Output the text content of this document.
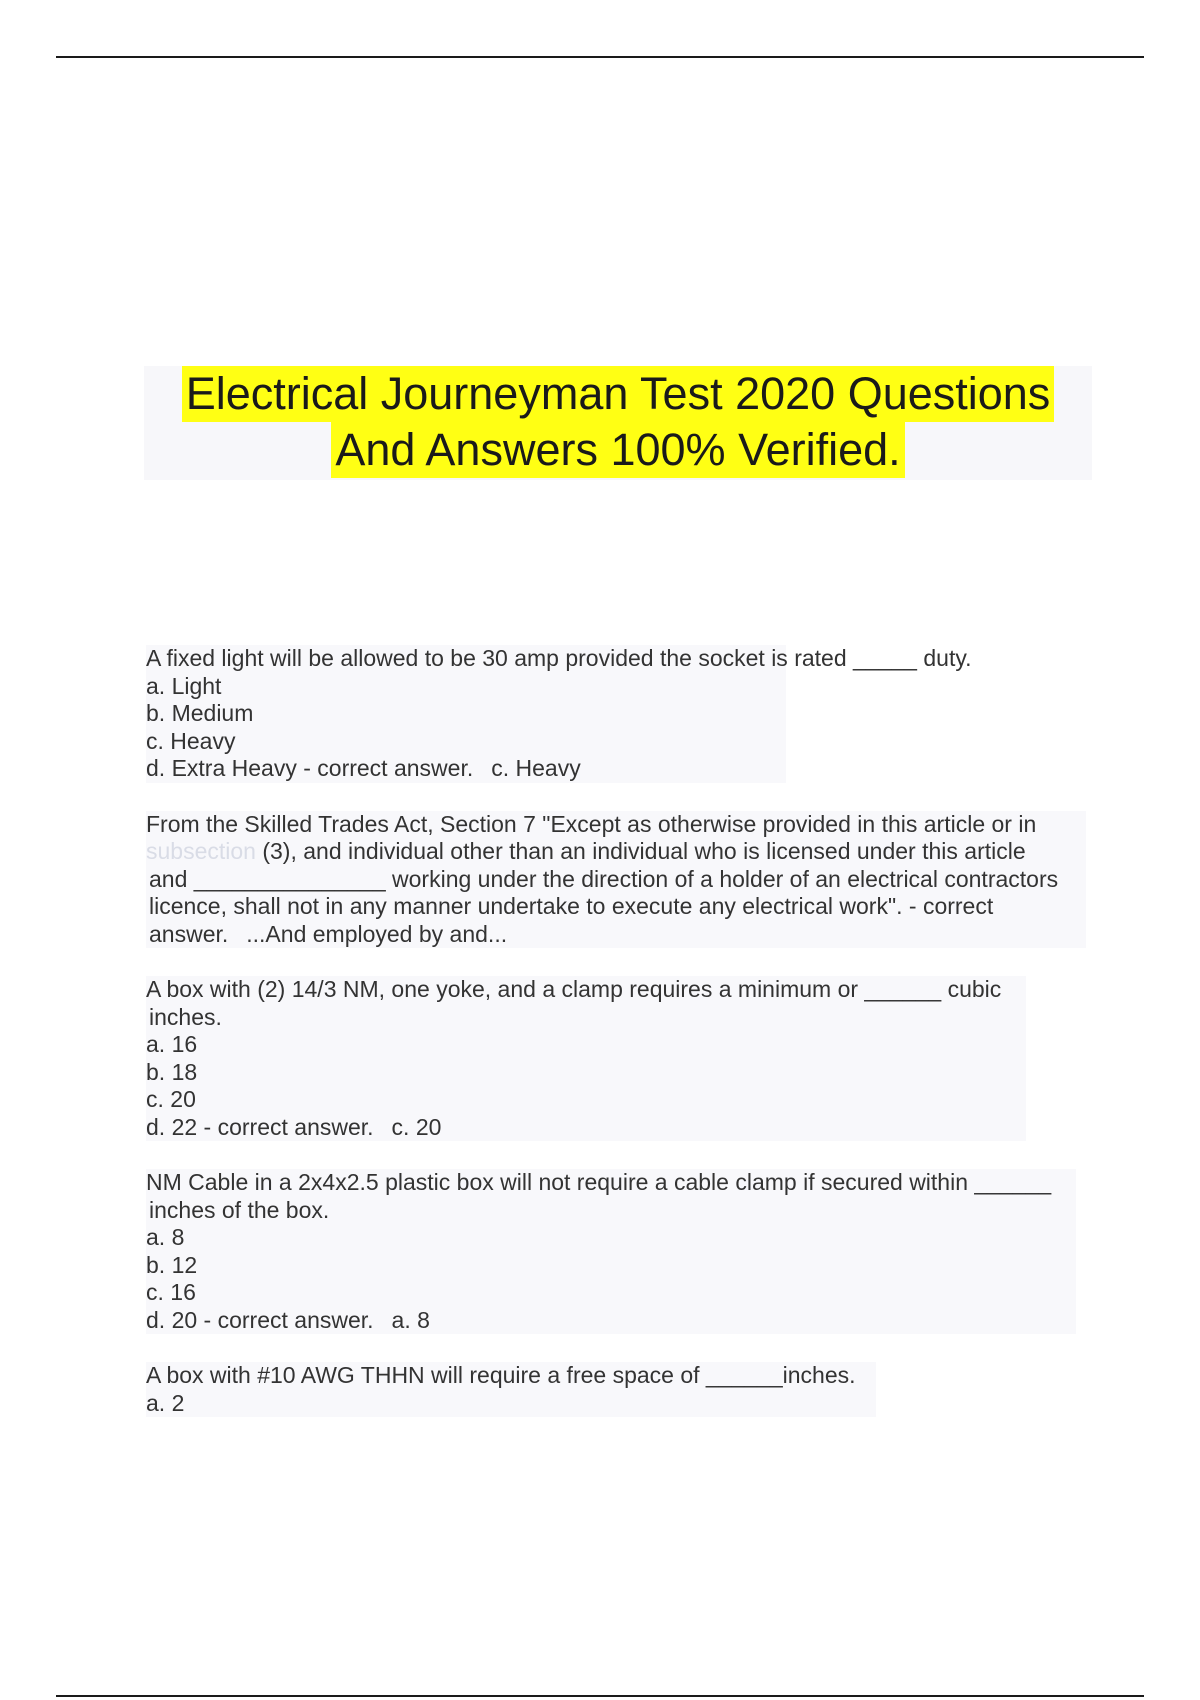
Electrical Journeyman Test 2020 Questions
And Answers 100% Verified.

A fixed light will be allowed to be 30 amp provided the socket is rated _____ duty.

a. Light

b. Medium

c. Heavy

d. Extra Heavy - correct answer. c. Heavy

From the Skilled Trades Act, Section 7 "Except as otherwise provided in this article or in

subsection (3), and individual other than an individual who is licensed under this article

and _______________ working under the direction of a holder of an electrical contractors

licence, shall not in any manner undertake to execute any electrical work". - correct

answer. ...And employed by and...

A box with (2) 14/3 NM, one yoke, and a clamp requires a minimum or ______ cubic

inches.

a. 16

b. 18

c. 20

d. 22 - correct answer. c. 20

NM Cable in a 2x4x2.5 plastic box will not require a cable clamp if secured within ______

inches of the box.

a. 8

b. 12

c. 16

d. 20 - correct answer. a. 8

A box with #10 AWG THHN will require a free space of ______inches.

a. 2
